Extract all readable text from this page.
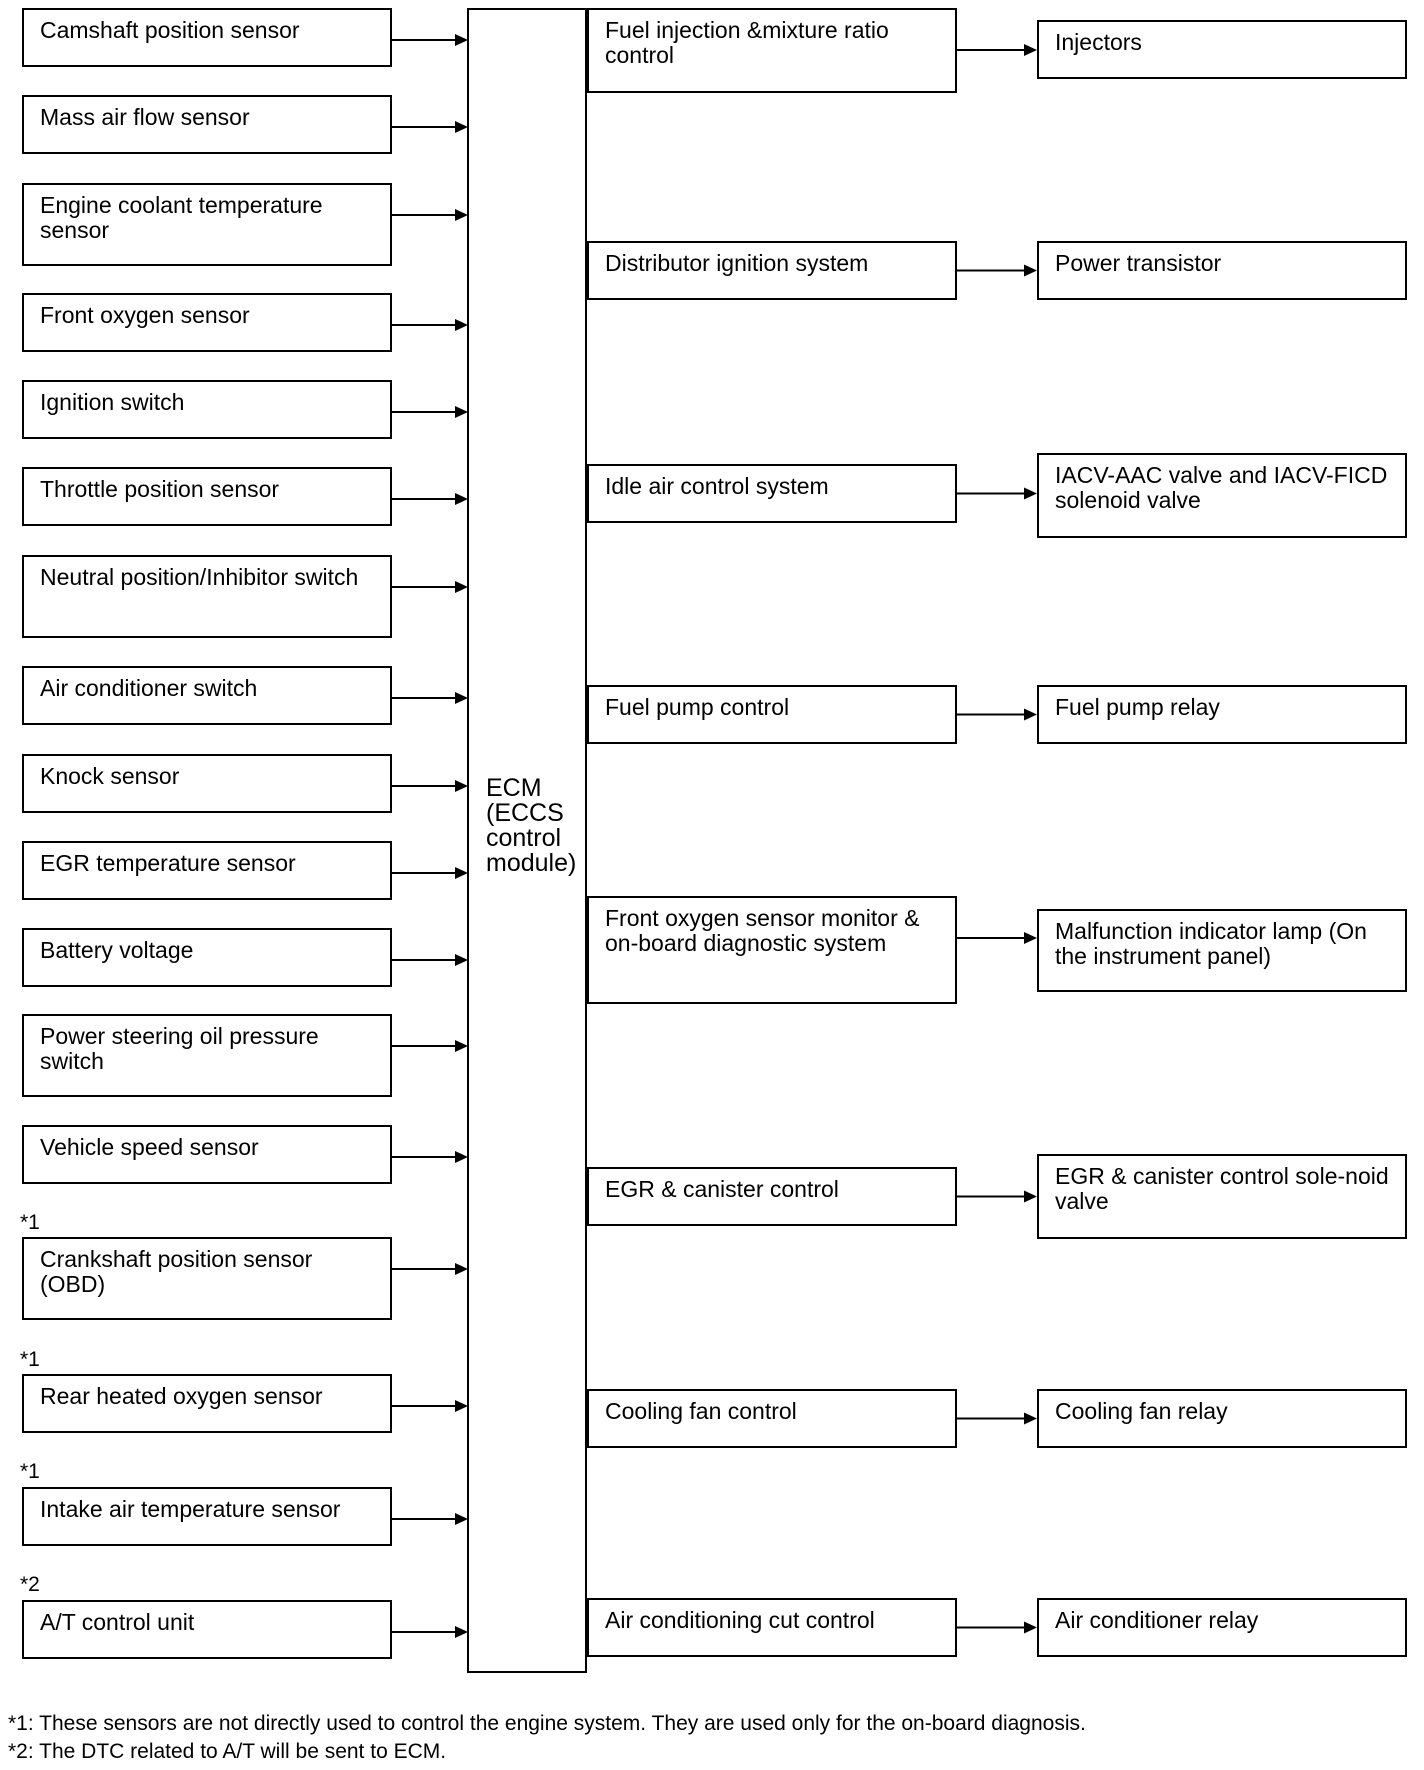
ECM (ECCS control module)
Camshaft position sensor
Mass air flow sensor
Engine coolant temperature sensor
Front oxygen sensor
Ignition switch
Throttle position sensor
Neutral position/Inhibitor switch
Air conditioner switch
Knock sensor
EGR temperature sensor
Battery voltage
Power steering oil pressure switch
Vehicle speed sensor
Crankshaft position sensor (OBD)
*1
Rear heated oxygen sensor
*1
Intake air temperature sensor
*1
A/T control unit
*2
Fuel injection &mixture ratio control
Distributor ignition system
Idle air control system
Fuel pump control
Front oxygen sensor monitor & on-board diagnostic system
EGR & canister control
Cooling fan control
Air conditioning cut control
Injectors
Power transistor
IACV-AAC valve and IACV-FICD solenoid valve
Fuel pump relay
Malfunction indicator lamp (On the instrument panel)
EGR & canister control sole-noid valve
Cooling fan relay
Air conditioner relay
*1: These sensors are not directly used to control the engine system. They are used only for the on-board diagnosis.
*2: The DTC related to A/T will be sent to ECM.
